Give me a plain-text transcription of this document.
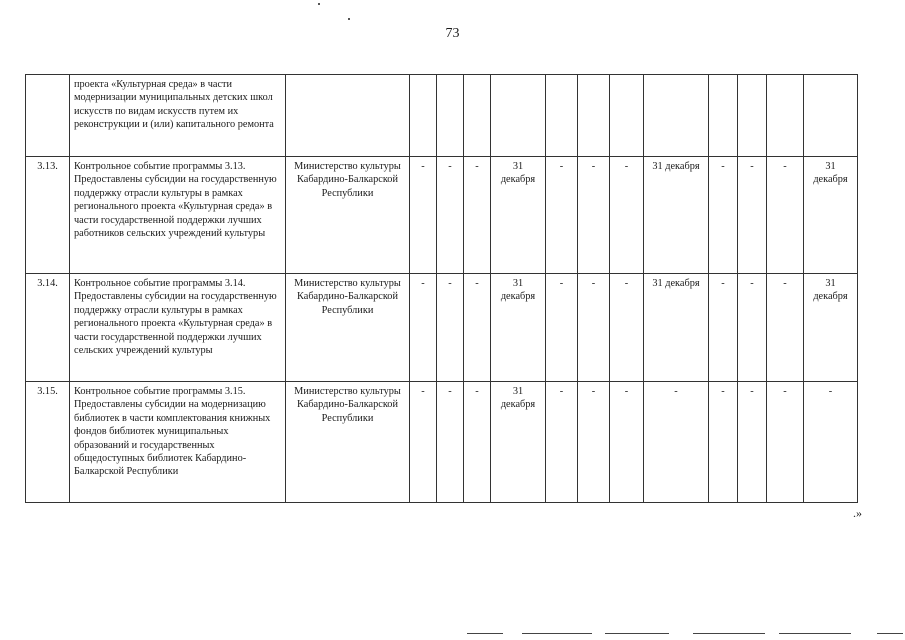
73
	проекта «Культурная среда» в части модернизации муниципальных детских школ искусств по видам искусств путем их реконструкции и (или) капитального ремонта													
3.13.	Контрольное событие программы 3.13. Предоставлены субсидии на государственную поддержку отрасли культуры в рамках регионального проекта «Культурная среда» в части государственной поддержки лучших работников сельских учреждений культуры	Министерство культуры Кабардино-Балкарской Республики	-	-	-	31 декабря	-	-	-	31 декабря	-	-	-	31 декабря
3.14.	Контрольное событие программы 3.14. Предоставлены субсидии на государственную поддержку отрасли культуры в рамках регионального проекта «Культурная среда» в части государственной поддержки лучших сельских учреждений культуры	Министерство культуры Кабардино-Балкарской Республики	-	-	-	31 декабря	-	-	-	31 декабря	-	-	-	31 декабря
3.15.	Контрольное событие программы 3.15. Предоставлены субсидии на модернизацию библиотек в части комплектования книжных фондов библиотек муниципальных образований и государственных общедоступных библиотек Кабардино-Балкарской Республики	Министерство культуры Кабардино-Балкарской Республики	-	-	-	31 декабря	-	-	-	-	-	-	-	-
.»
